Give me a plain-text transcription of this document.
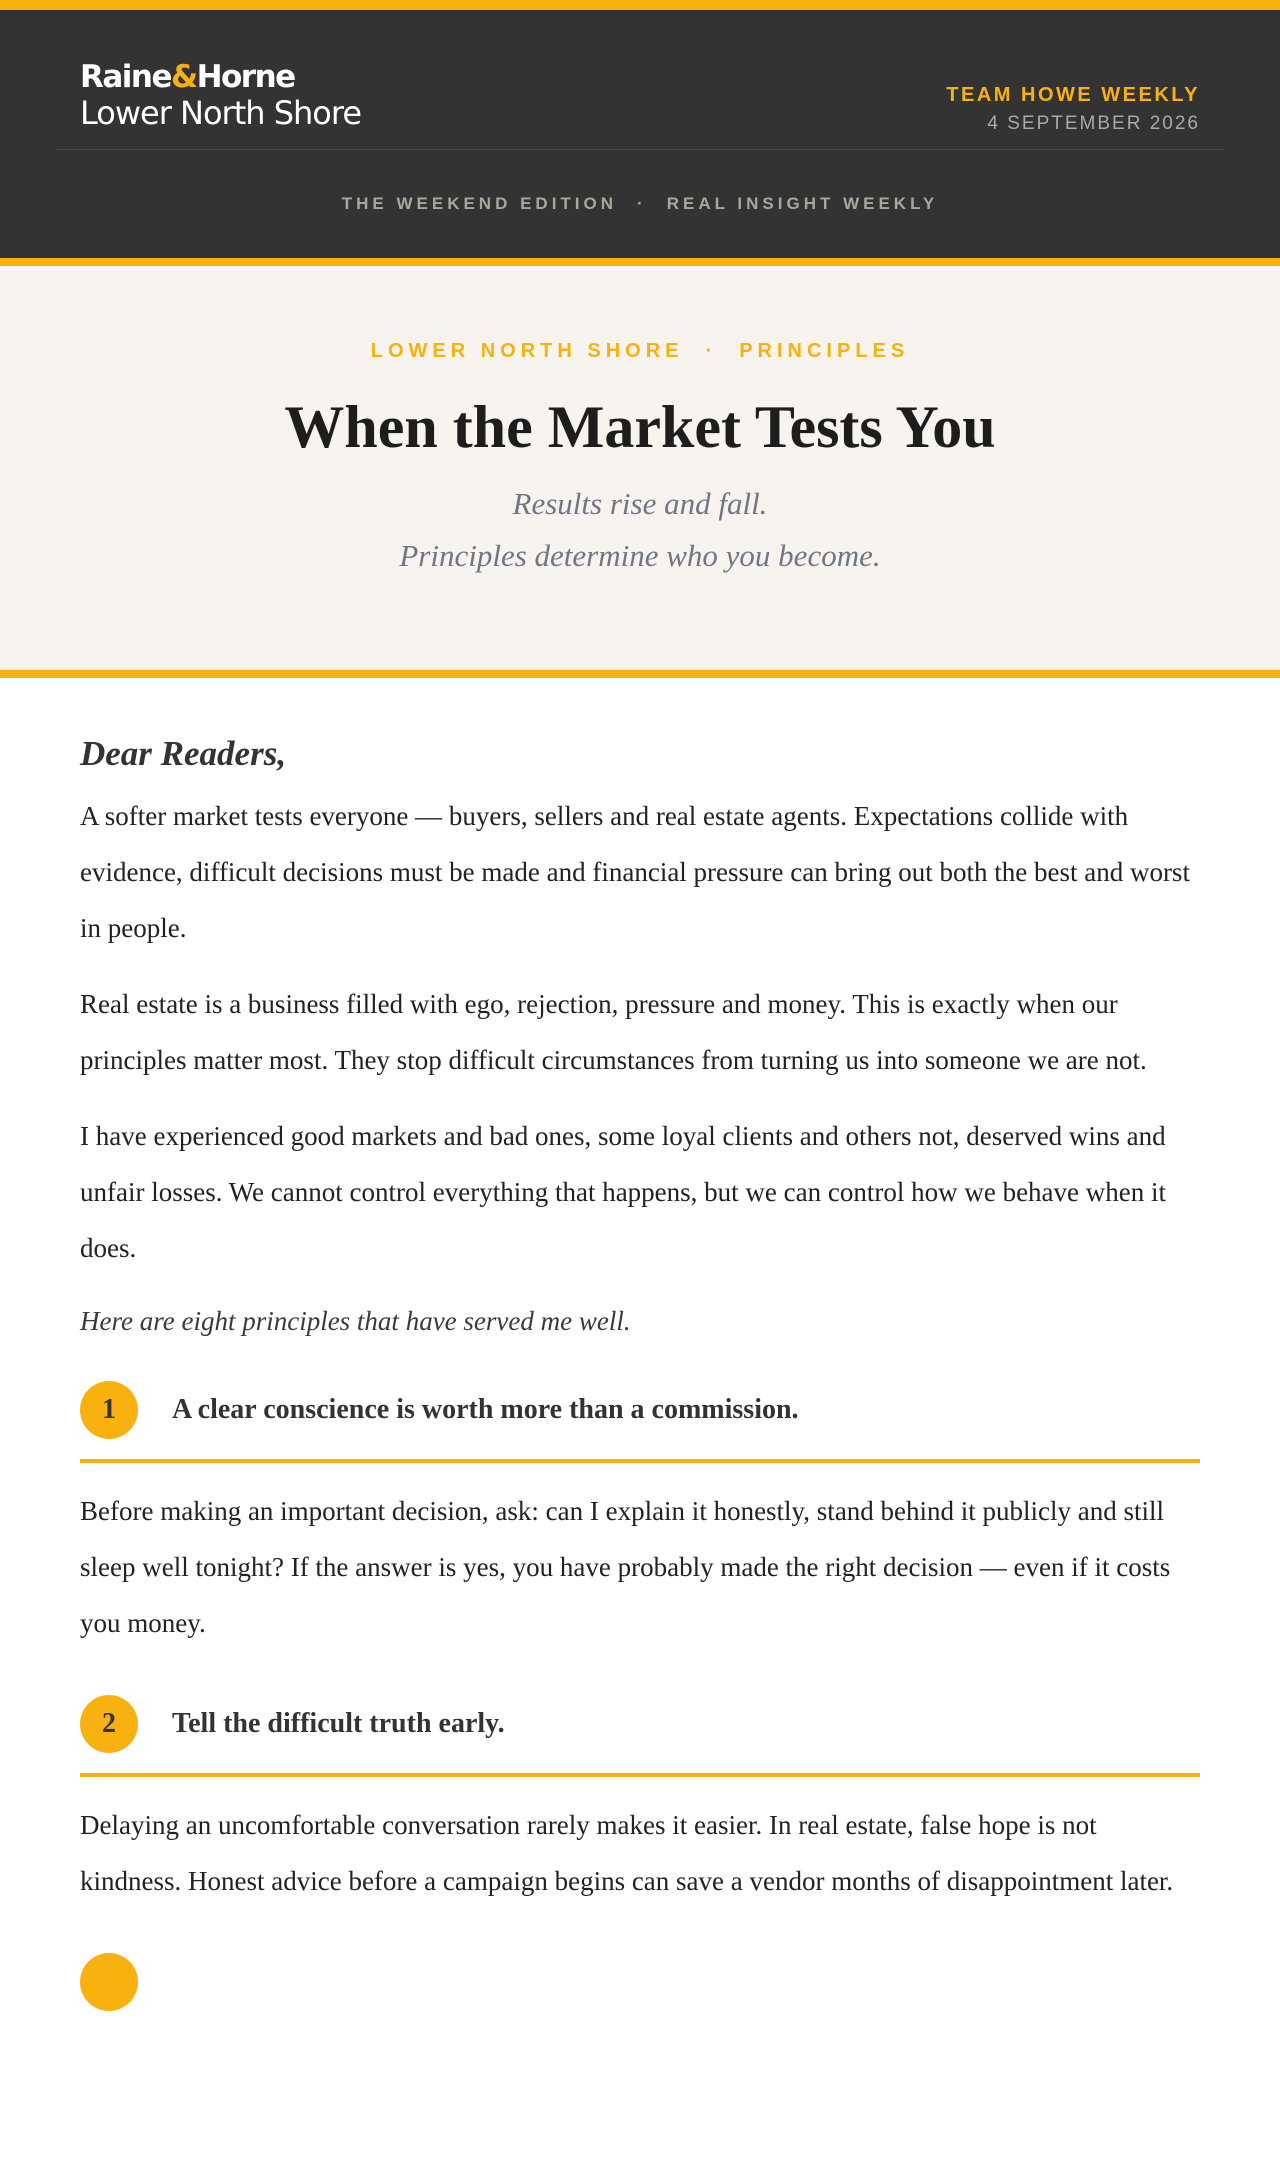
Raine&Horne
Lower North Shore	TEAM HOWE WEEKLY
4 SEPTEMBER 2026
THE WEEKEND EDITION · REAL INSIGHT WEEKLY
LOWER NORTH SHORE · PRINCIPLES
When the Market Tests You
Results rise and fall.
Principles determine who you become.
Dear Readers,

A softer market tests everyone — buyers, sellers and real estate agents. Expectations collide with evidence, difficult decisions must be made and financial pressure can bring out both the best and worst in people.

Real estate is a business filled with ego, rejection, pressure and money. This is exactly when our principles matter most. They stop difficult circumstances from turning us into someone we are not.

I have experienced good markets and bad ones, some loyal clients and others not, deserved wins and unfair losses. We cannot control everything that happens, but we can control how we behave when it does.

Here are eight principles that have served me well.

1	A clear conscience is worth more than a commission.

Before making an important decision, ask: can I explain it honestly, stand behind it publicly and still sleep well tonight? If the answer is yes, you have probably made the right decision — even if it costs you money.

2	Tell the difficult truth early.

Delaying an uncomfortable conversation rarely makes it easier. In real estate, false hope is not kindness. Honest advice before a campaign begins can save a vendor months of disappointment later.
